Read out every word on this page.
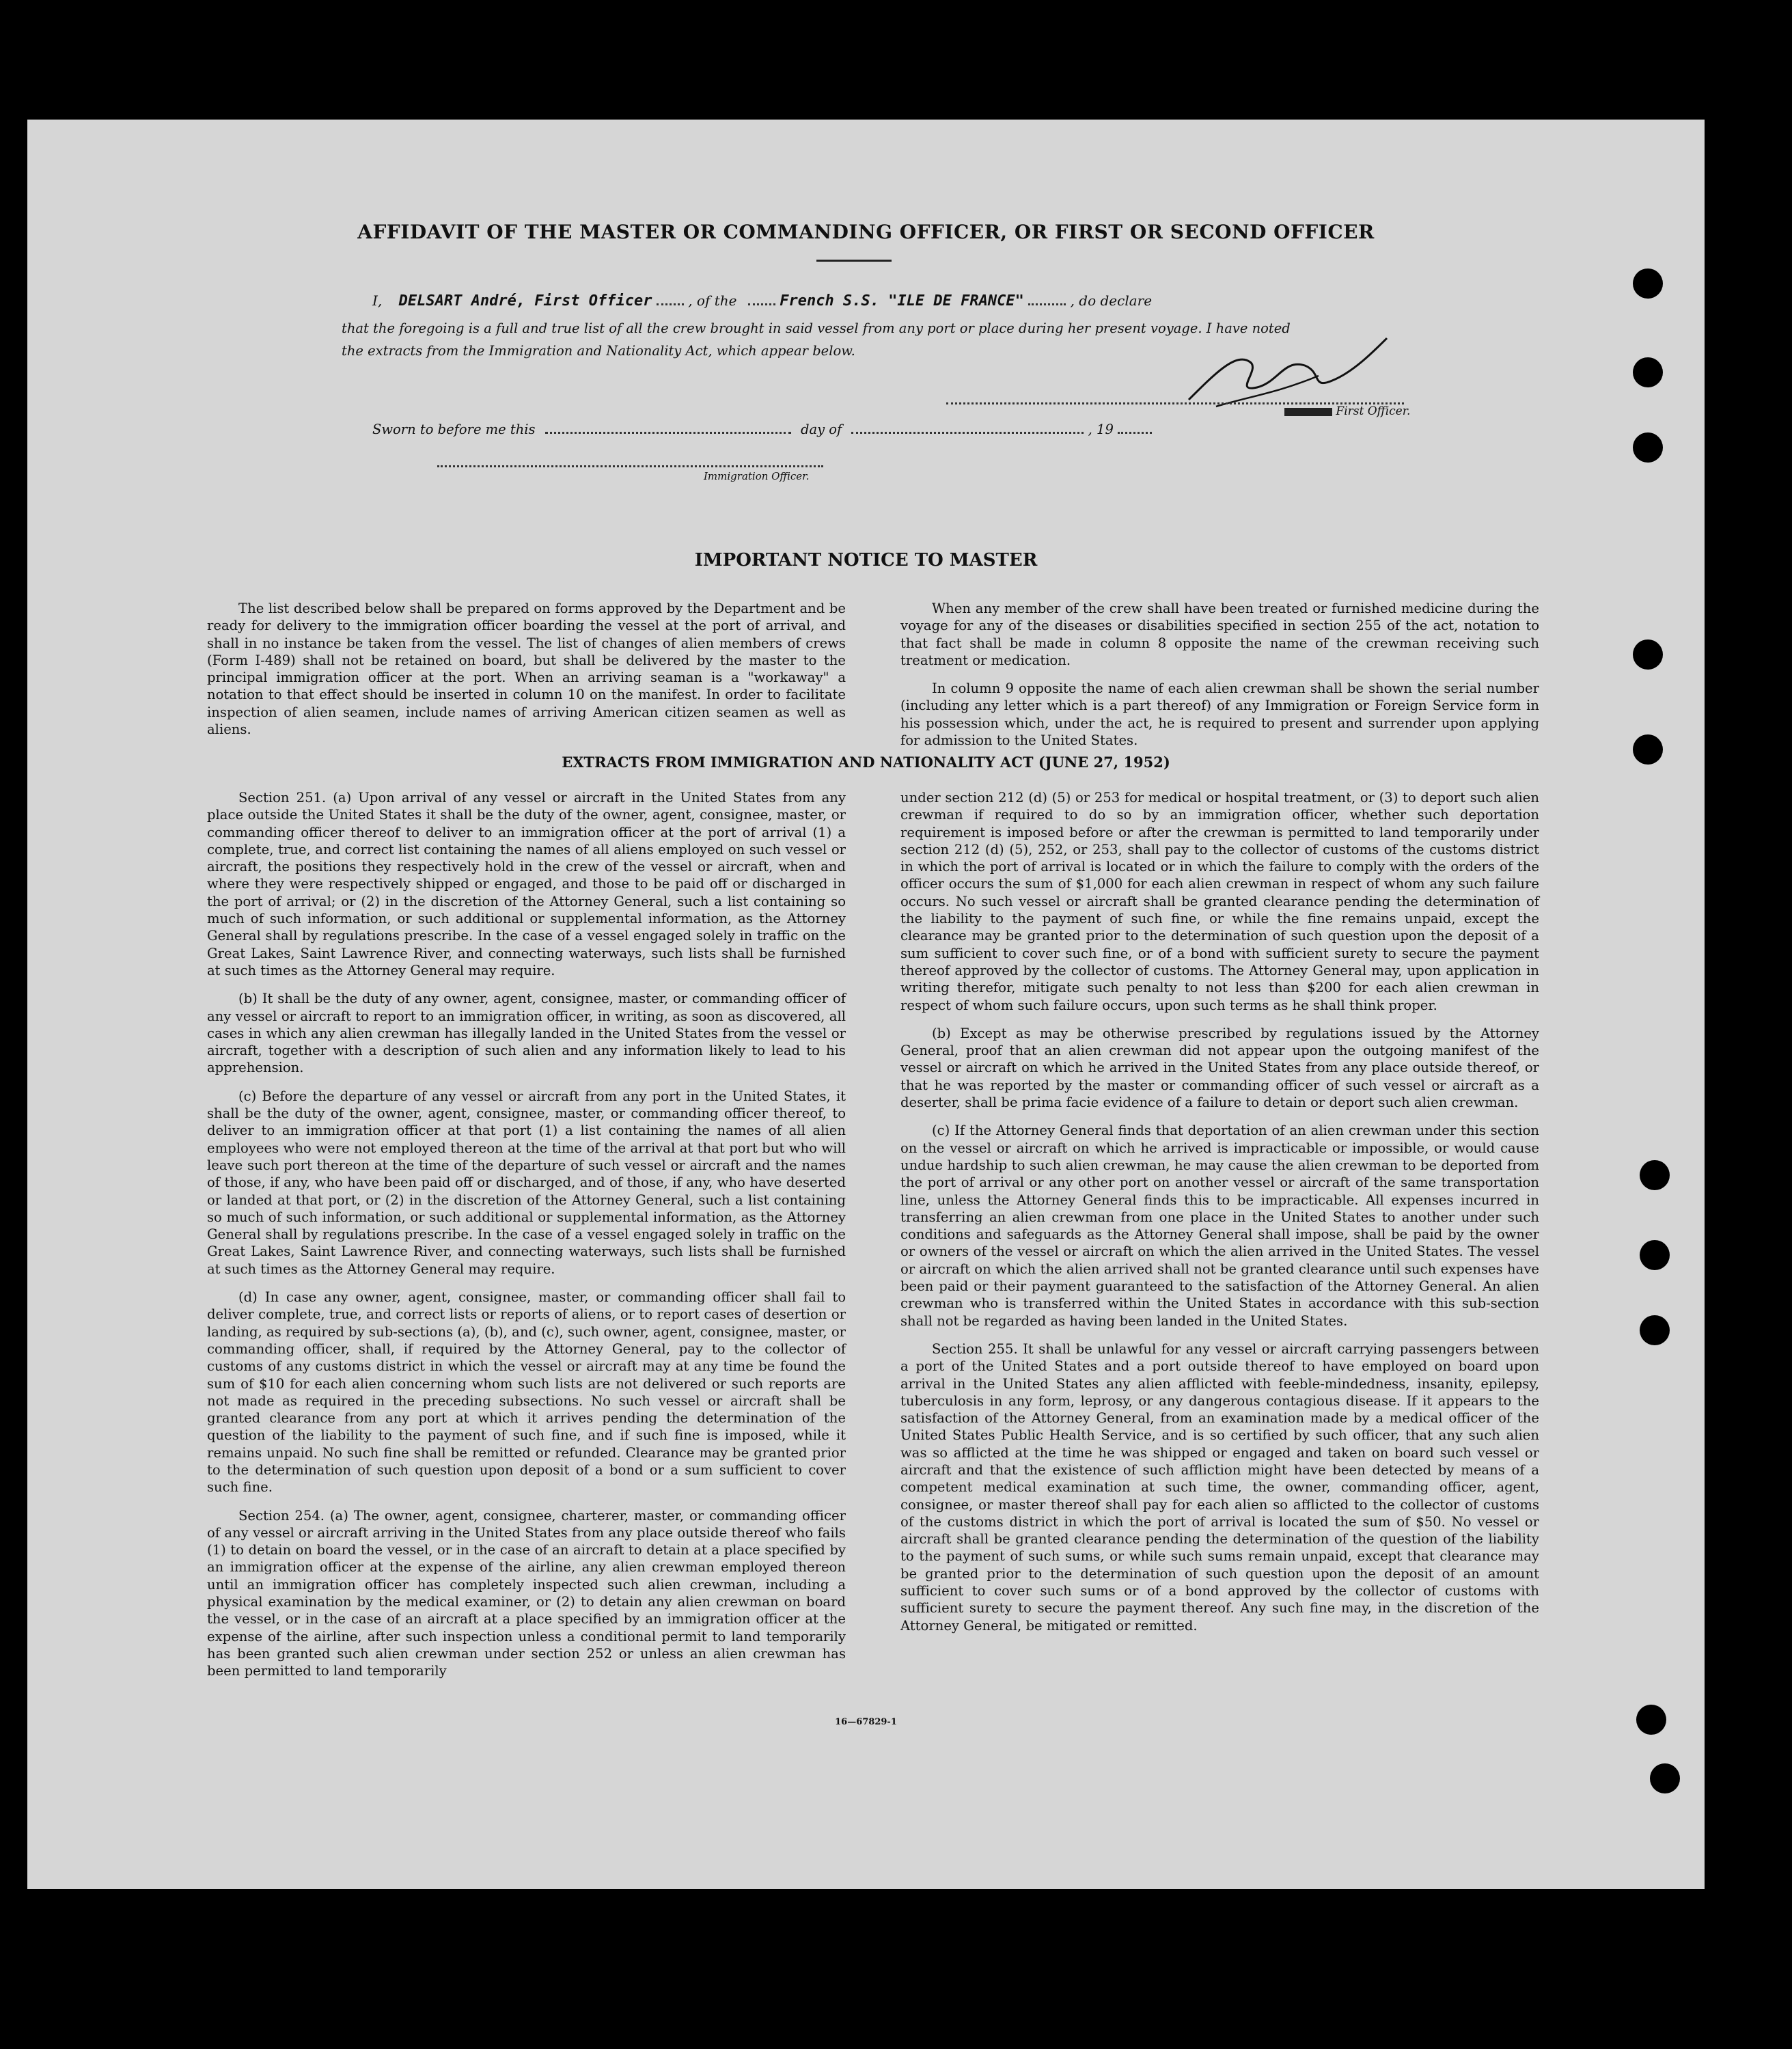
AFFIDAVIT OF THE MASTER OR COMMANDING OFFICER, OR FIRST OR SECOND OFFICER
I, DELSART André, First Officer	, of the	French S.S. "ILE DE FRANCE"	, do declare
that the foregoing is a full and true list of all the crew brought in said vessel from any port or place during her present voyage. I have noted
the extracts from the Immigration and Nationality Act, which appear below.
First Officer.
Sworn to before me this	day of	, 19
Immigration Officer.
IMPORTANT NOTICE TO MASTER

The list described below shall be prepared on forms approved by the Department and be ready for delivery to the immigration officer boarding the vessel at the port of arrival, and shall in no instance be taken from the vessel. The list of changes of alien members of crews (Form I-489) shall not be retained on board, but shall be delivered by the master to the principal immigration officer at the port. When an arriving seaman is a "workaway" a notation to that effect should be inserted in column 10 on the manifest. In order to facilitate inspection of alien seamen, include names of arriving American citizen seamen as well as aliens.

When any member of the crew shall have been treated or furnished medicine during the voyage for any of the diseases or disabilities specified in section 255 of the act, notation to that fact shall be made in column 8 opposite the name of the crewman receiving such treatment or medication.

In column 9 opposite the name of each alien crewman shall be shown the serial number (including any letter which is a part thereof) of any Immigration or Foreign Service form in his possession which, under the act, he is required to present and surrender upon applying for admission to the United States.

EXTRACTS FROM IMMIGRATION AND NATIONALITY ACT (JUNE 27, 1952)

Section 251. (a) Upon arrival of any vessel or aircraft in the United States from any place outside the United States it shall be the duty of the owner, agent, consignee, master, or commanding officer thereof to deliver to an immigration officer at the port of arrival (1) a complete, true, and correct list containing the names of all aliens employed on such vessel or aircraft, the positions they respectively hold in the crew of the vessel or aircraft, when and where they were respectively shipped or engaged, and those to be paid off or discharged in the port of arrival; or (2) in the discretion of the Attorney General, such a list containing so much of such information, or such additional or supplemental information, as the Attorney General shall by regulations prescribe. In the case of a vessel engaged solely in traffic on the Great Lakes, Saint Lawrence River, and connecting waterways, such lists shall be furnished at such times as the Attorney General may require.

(b) It shall be the duty of any owner, agent, consignee, master, or commanding officer of any vessel or aircraft to report to an immigration officer, in writing, as soon as discovered, all cases in which any alien crewman has illegally landed in the United States from the vessel or aircraft, together with a description of such alien and any information likely to lead to his apprehension.

(c) Before the departure of any vessel or aircraft from any port in the United States, it shall be the duty of the owner, agent, consignee, master, or commanding officer thereof, to deliver to an immigration officer at that port (1) a list containing the names of all alien employees who were not employed thereon at the time of the arrival at that port but who will leave such port thereon at the time of the departure of such vessel or aircraft and the names of those, if any, who have been paid off or discharged, and of those, if any, who have deserted or landed at that port, or (2) in the discretion of the Attorney General, such a list containing so much of such information, or such additional or supplemental information, as the Attorney General shall by regulations prescribe. In the case of a vessel engaged solely in traffic on the Great Lakes, Saint Lawrence River, and connecting waterways, such lists shall be furnished at such times as the Attorney General may require.

(d) In case any owner, agent, consignee, master, or commanding officer shall fail to deliver complete, true, and correct lists or reports of aliens, or to report cases of desertion or landing, as required by sub-sections (a), (b), and (c), such owner, agent, consignee, master, or commanding officer, shall, if required by the Attorney General, pay to the collector of customs of any customs district in which the vessel or aircraft may at any time be found the sum of $10 for each alien concerning whom such lists are not delivered or such reports are not made as required in the preceding subsections. No such vessel or aircraft shall be granted clearance from any port at which it arrives pending the determination of the question of the liability to the payment of such fine, and if such fine is imposed, while it remains unpaid. No such fine shall be remitted or refunded. Clearance may be granted prior to the determination of such question upon deposit of a bond or a sum sufficient to cover such fine.

Section 254. (a) The owner, agent, consignee, charterer, master, or commanding officer of any vessel or aircraft arriving in the United States from any place outside thereof who fails (1) to detain on board the vessel, or in the case of an aircraft to detain at a place specified by an immigration officer at the expense of the airline, any alien crewman employed thereon until an immigration officer has completely inspected such alien crewman, including a physical examination by the medical examiner, or (2) to detain any alien crewman on board the vessel, or in the case of an aircraft at a place specified by an immigration officer at the expense of the airline, after such inspection unless a conditional permit to land temporarily has been granted such alien crewman under section 252 or unless an alien crewman has been permitted to land temporarily

under section 212 (d) (5) or 253 for medical or hospital treatment, or (3) to deport such alien crewman if required to do so by an immigration officer, whether such deportation requirement is imposed before or after the crewman is permitted to land temporarily under section 212 (d) (5), 252, or 253, shall pay to the collector of customs of the customs district in which the port of arrival is located or in which the failure to comply with the orders of the officer occurs the sum of $1,000 for each alien crewman in respect of whom any such failure occurs. No such vessel or aircraft shall be granted clearance pending the determination of the liability to the payment of such fine, or while the fine remains unpaid, except the clearance may be granted prior to the determination of such question upon the deposit of a sum sufficient to cover such fine, or of a bond with sufficient surety to secure the payment thereof approved by the collector of customs. The Attorney General may, upon application in writing therefor, mitigate such penalty to not less than $200 for each alien crewman in respect of whom such failure occurs, upon such terms as he shall think proper.

(b) Except as may be otherwise prescribed by regulations issued by the Attorney General, proof that an alien crewman did not appear upon the outgoing manifest of the vessel or aircraft on which he arrived in the United States from any place outside thereof, or that he was reported by the master or commanding officer of such vessel or aircraft as a deserter, shall be prima facie evidence of a failure to detain or deport such alien crewman.

(c) If the Attorney General finds that deportation of an alien crewman under this section on the vessel or aircraft on which he arrived is impracticable or impossible, or would cause undue hardship to such alien crewman, he may cause the alien crewman to be deported from the port of arrival or any other port on another vessel or aircraft of the same transportation line, unless the Attorney General finds this to be impracticable. All expenses incurred in transferring an alien crewman from one place in the United States to another under such conditions and safeguards as the Attorney General shall impose, shall be paid by the owner or owners of the vessel or aircraft on which the alien arrived in the United States. The vessel or aircraft on which the alien arrived shall not be granted clearance until such expenses have been paid or their payment guaranteed to the satisfaction of the Attorney General. An alien crewman who is transferred within the United States in accordance with this sub-section shall not be regarded as having been landed in the United States.

Section 255. It shall be unlawful for any vessel or aircraft carrying passengers between a port of the United States and a port outside thereof to have employed on board upon arrival in the United States any alien afflicted with feeble-mindedness, insanity, epilepsy, tuberculosis in any form, leprosy, or any dangerous contagious disease. If it appears to the satisfaction of the Attorney General, from an examination made by a medical officer of the United States Public Health Service, and is so certified by such officer, that any such alien was so afflicted at the time he was shipped or engaged and taken on board such vessel or aircraft and that the existence of such affliction might have been detected by means of a competent medical examination at such time, the owner, commanding officer, agent, consignee, or master thereof shall pay for each alien so afflicted to the collector of customs of the customs district in which the port of arrival is located the sum of $50. No vessel or aircraft shall be granted clearance pending the determination of the question of the liability to the payment of such sums, or while such sums remain unpaid, except that clearance may be granted prior to the determination of such question upon the deposit of an amount sufficient to cover such sums or of a bond approved by the collector of customs with sufficient surety to secure the payment thereof. Any such fine may, in the discretion of the Attorney General, be mitigated or remitted.

16—67829-1
